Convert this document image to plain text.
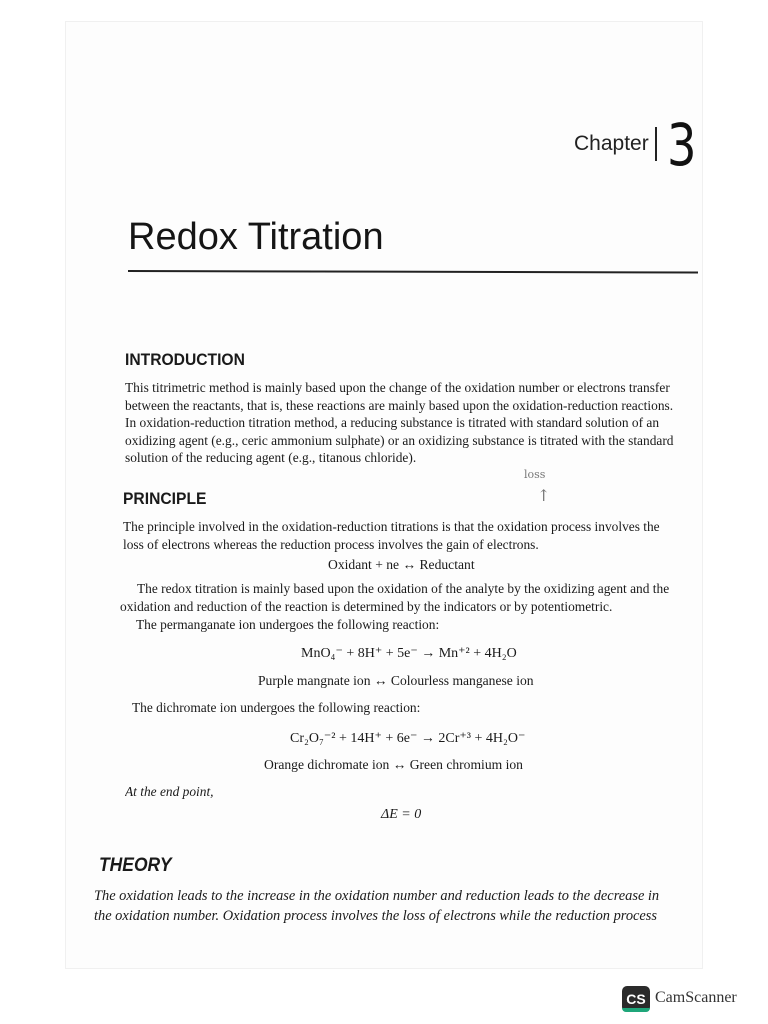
Chapter 3
Redox Titration
INTRODUCTION

This titrimetric method is mainly based upon the change of the oxidation number or electrons transfer

between the reactants, that is, these reactions are mainly based upon the oxidation-reduction reactions.

In oxidation-reduction titration method, a reducing substance is titrated with standard solution of an

oxidizing agent (e.g., ceric ammonium sulphate) or an oxidizing substance is titrated with the standard

solution of the reducing agent (e.g., titanous chloride).

loss
↑
PRINCIPLE

The principle involved in the oxidation-reduction titrations is that the oxidation process involves the

loss of electrons whereas the reduction process involves the gain of electrons.

Oxidant + ne ↔ Reductant

The redox titration is mainly based upon the oxidation of the analyte by the oxidizing agent and the

oxidation and reduction of the reaction is determined by the indicators or by potentiometric.

The permanganate ion undergoes the following reaction:
MnO₄⁻ + 8H⁺ + 5e⁻ → Mn⁺² + 4H₂O
Purple mangnate ion ↔ Colourless manganese ion
The dichromate ion undergoes the following reaction:
Cr₂O₇⁻² + 14H⁺ + 6e⁻ → 2Cr⁺³ + 4H₂O⁻
Orange dichromate ion ↔ Green chromium ion
At the end point,
ΔE = 0
THEORY
The oxidation leads to the increase in the oxidation number and reduction leads to the decrease in
the oxidation number. Oxidation process involves the loss of electrons while the reduction process
CS CamScanner
